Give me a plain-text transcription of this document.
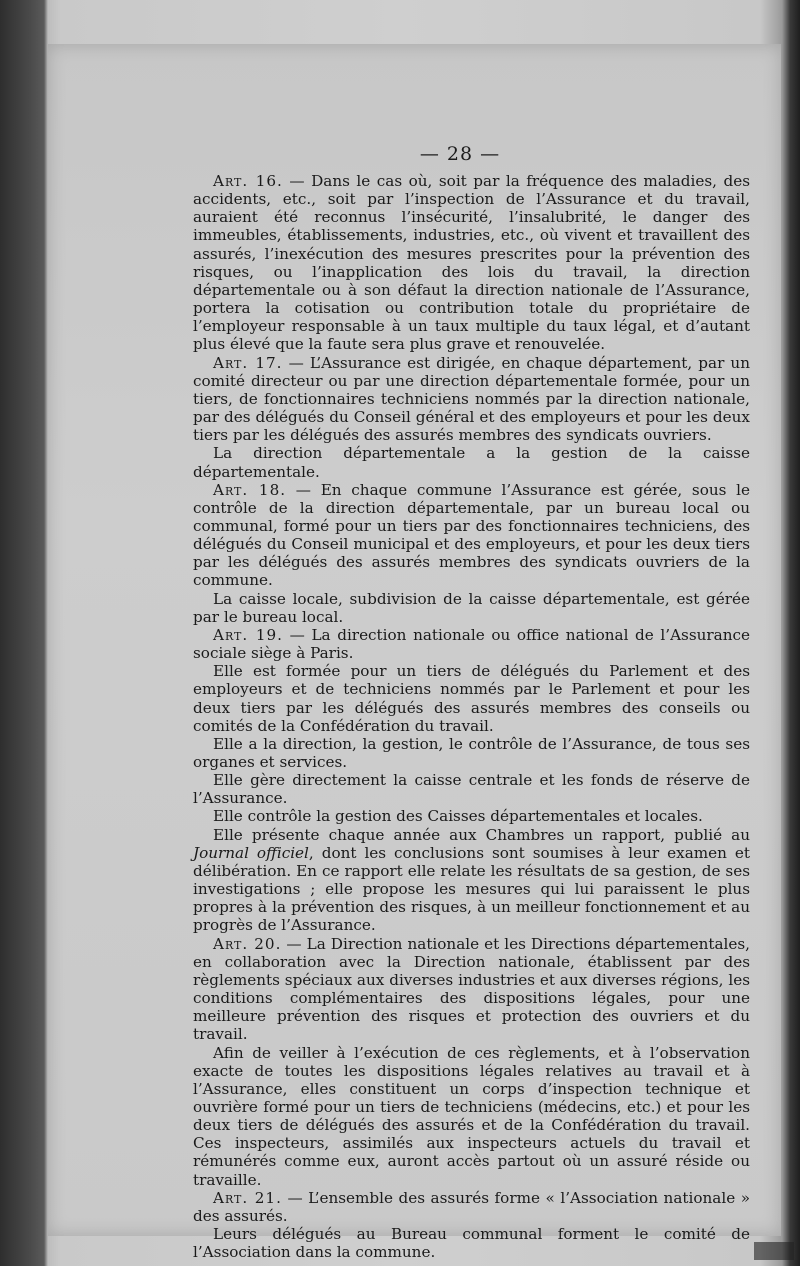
— 28 —

Art. 16. — Dans le cas où, soit par la fréquence des maladies, des accidents, etc., soit par l’inspection de l’Assurance et du travail, auraient été reconnus l’insécurité, l’insalubrité, le danger des immeubles, établissements, industries, etc., où vivent et travaillent des assurés, l’inexécution des mesures prescrites pour la prévention des risques, ou l’inapplication des lois du travail, la direction départementale ou à son défaut la direction nationale de l’Assurance, portera la cotisation ou contribution totale du propriétaire de l’employeur responsable à un taux multiple du taux légal, et d’autant plus élevé que la faute sera plus grave et renouvelée.

Art. 17. — L’Assurance est dirigée, en chaque département, par un comité directeur ou par une direction départementale formée, pour un tiers, de fonctionnaires techniciens nommés par la direction nationale, par des délégués du Conseil général et des employeurs et pour les deux tiers par les délégués des assurés membres des syndicats ouvriers.

La direction départementale a la gestion de la caisse départementale.

Art. 18. — En chaque commune l’Assurance est gérée, sous le contrôle de la direction départementale, par un bureau local ou communal, formé pour un tiers par des fonctionnaires techniciens, des délégués du Conseil municipal et des employeurs, et pour les deux tiers par les délégués des assurés membres des syndicats ouvriers de la commune.

La caisse locale, subdivision de la caisse départementale, est gérée par le bureau local.

Art. 19. — La direction nationale ou office national de l’Assurance sociale siège à Paris.

Elle est formée pour un tiers de délégués du Parlement et des employeurs et de techniciens nommés par le Parlement et pour les deux tiers par les délégués des assurés membres des conseils ou comités de la Confédération du travail.

Elle a la direction, la gestion, le contrôle de l’Assurance, de tous ses organes et services.

Elle gère directement la caisse centrale et les fonds de réserve de l’Assurance.

Elle contrôle la gestion des Caisses départementales et locales.

Elle présente chaque année aux Chambres un rapport, publié au Journal officiel, dont les conclusions sont soumises à leur examen et délibération. En ce rapport elle relate les résultats de sa gestion, de ses investigations ; elle propose les mesures qui lui paraissent le plus propres à la prévention des risques, à un meilleur fonctionnement et au progrès de l’Assurance.

Art. 20. — La Direction nationale et les Directions départementales, en collaboration avec la Direction nationale, établissent par des règlements spéciaux aux diverses industries et aux diverses régions, les conditions complémentaires des dispositions légales, pour une meilleure prévention des risques et protection des ouvriers et du travail.

Afin de veiller à l’exécution de ces règlements, et à l’observation exacte de toutes les dispositions légales relatives au travail et à l’Assurance, elles constituent un corps d’inspection technique et ouvrière formé pour un tiers de techniciens (médecins, etc.) et pour les deux tiers de délégués des assurés et de la Confédération du travail. Ces inspecteurs, assimilés aux inspecteurs actuels du travail et rémunérés comme eux, auront accès partout où un assuré réside ou travaille.

Art. 21. — L’ensemble des assurés forme « l’Association nationale » des assurés.

Leurs délégués au Bureau communal forment le comité de l’Association dans la commune.
